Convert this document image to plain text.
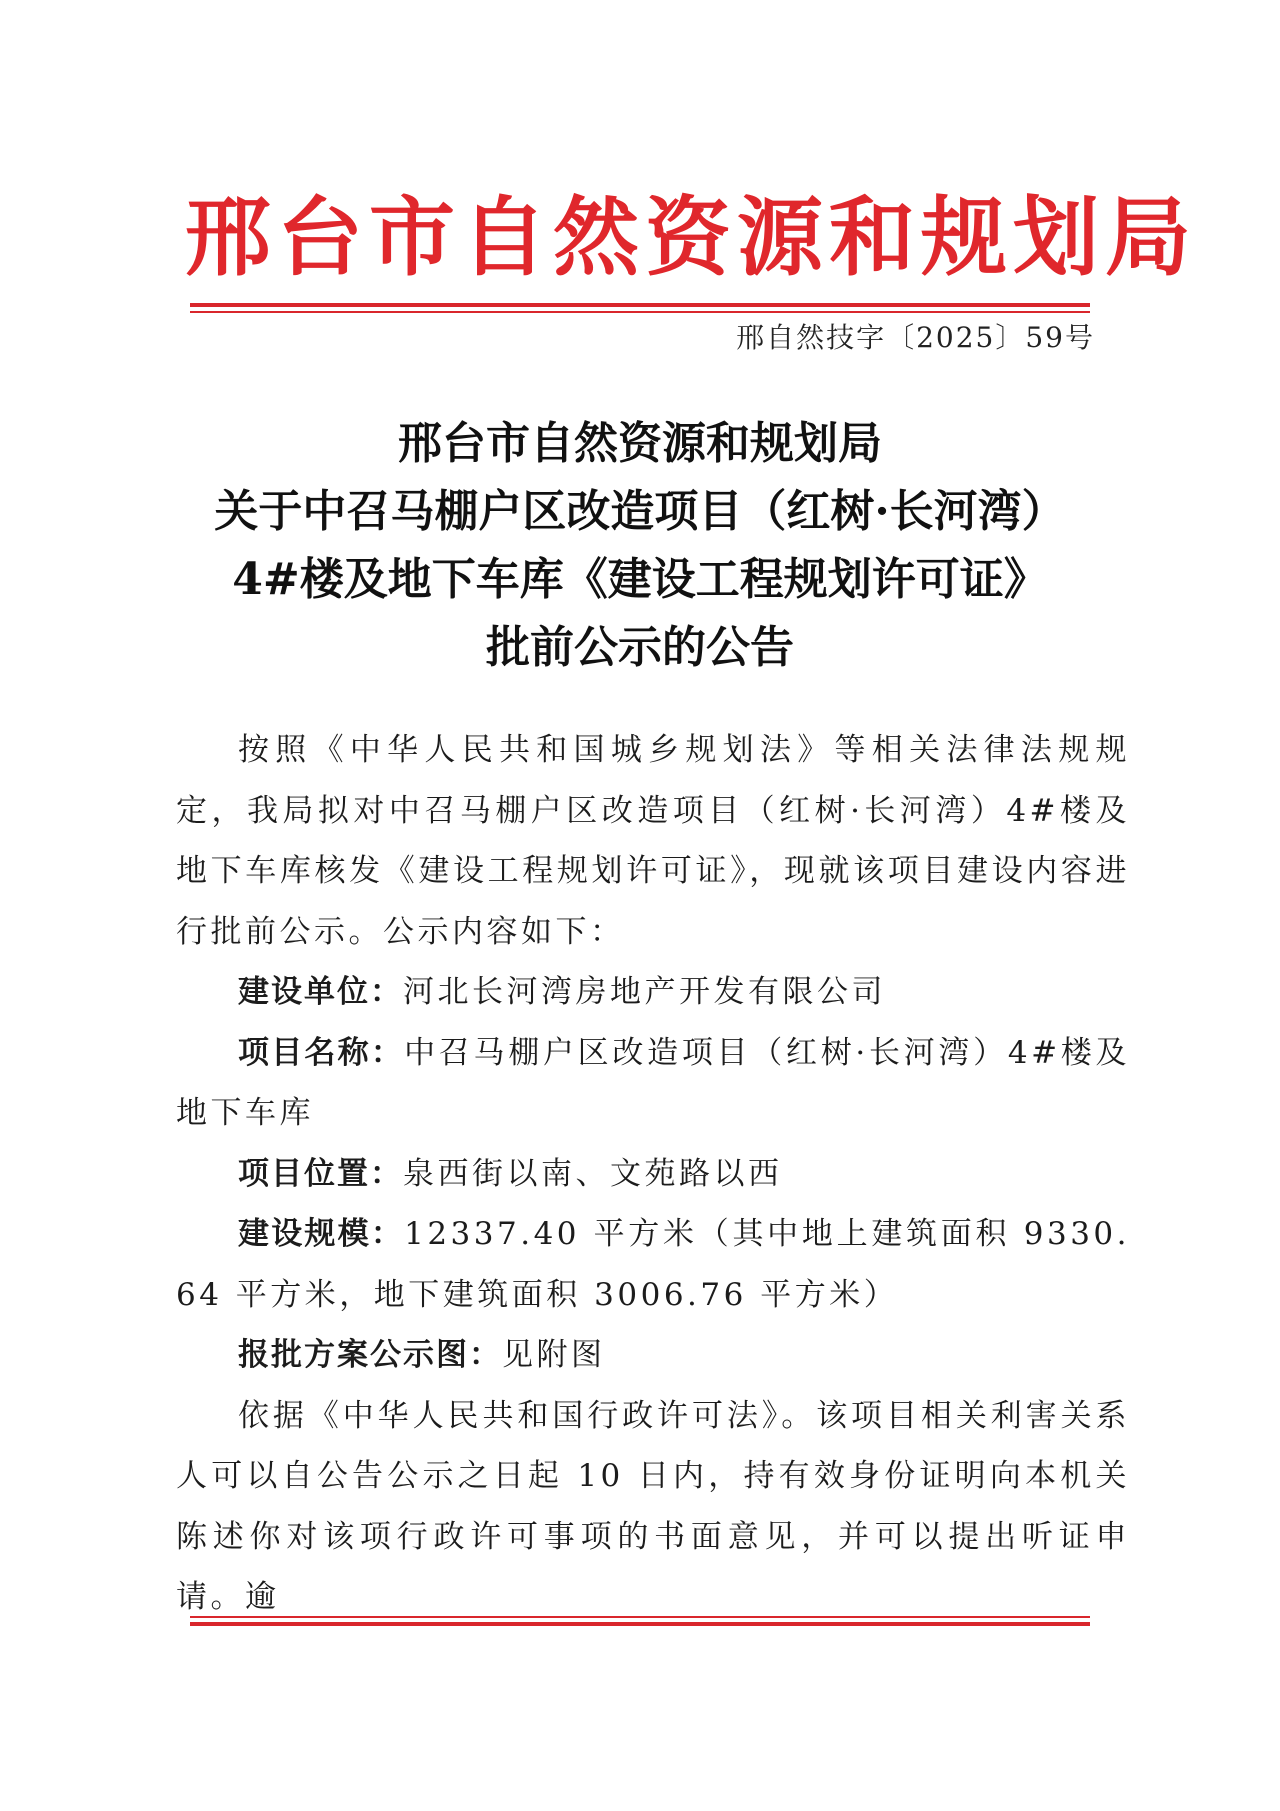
邢台市自然资源和规划局
邢自然技字〔2025〕59号
邢台市自然资源和规划局
关于中召马棚户区改造项目（红树·长河湾）
4#楼及地下车库《建设工程规划许可证》
批前公示的公告

按照《中华人民共和国城乡规划法》等相关法律法规规定，我局拟对中召马棚户区改造项目（红树·长河湾）4#楼及地下车库核发《建设工程规划许可证》，现就该项目建设内容进行批前公示。公示内容如下：

建设单位：河北长河湾房地产开发有限公司

项目名称：中召马棚户区改造项目（红树·长河湾）4#楼及地下车库

项目位置：泉西街以南、文苑路以西

建设规模：12337.40 平方米（其中地上建筑面积 9330.64 平方米，地下建筑面积 3006.76 平方米）

报批方案公示图：见附图

依据《中华人民共和国行政许可法》。该项目相关利害关系人可以自公告公示之日起 10 日内，持有效身份证明向本机关陈述你对该项行政许可事项的书面意见，并可以提出听证申请。逾
